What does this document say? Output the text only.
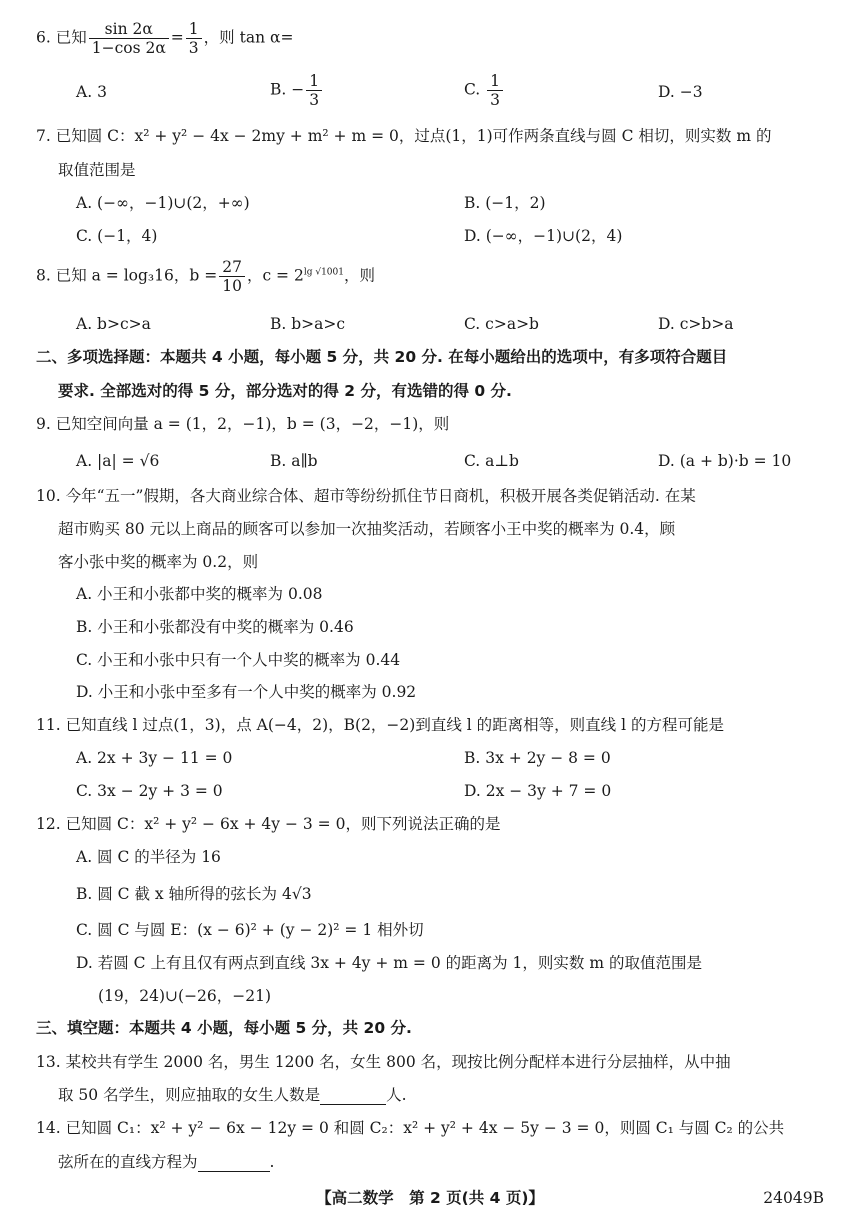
6. 已知 $\frac{\sin 2\alpha}{1-\cos 2\alpha} = \frac{1}{3}$ ，则 tan α=
A. 3	B. − $\frac{1}{3}$	C. $\frac{1}{3}$	D. −3
7. 已知圆 C：x² + y² − 4x − 2my + m² + m = 0，过点(1，1)可作两条直线与圆 C 相切，则实数 m 的
取值范围是
A. (−∞，−1)∪(2，+∞)	B. (−1，2)
C. (−1，4)	D. (−∞，−1)∪(2，4)
8. 已知 a = log₃16，$b = \frac{27}{10}$ ，$c = 2^{lg √1001}$，则
A. b>c>a	B. b>a>c	C. c>a>b	D. c>b>a
二、多项选择题：本题共 4 小题，每小题 5 分，共 20 分. 在每小题给出的选项中，有多项符合题目
要求. 全部选对的得 5 分，部分选对的得 2 分，有选错的得 0 分.
9. 已知空间向量 a = (1，2，−1)，b = (3，−2，−1)，则
A. |a| = √6	B. a∥b	C. a⊥b	D. (a + b)·b = 10
10. 今年“五一”假期，各大商业综合体、超市等纷纷抓住节日商机，积极开展各类促销活动. 在某
超市购买 80 元以上商品的顾客可以参加一次抽奖活动，若顾客小王中奖的概率为 0.4，顾
客小张中奖的概率为 0.2，则
A. 小王和小张都中奖的概率为 0.08
B. 小王和小张都没有中奖的概率为 0.46
C. 小王和小张中只有一个人中奖的概率为 0.44
D. 小王和小张中至多有一个人中奖的概率为 0.92
11. 已知直线 l 过点(1，3)，点 A(−4，2)，B(2，−2)到直线 l 的距离相等，则直线 l 的方程可能是
A. 2x + 3y − 11 = 0	B. 3x + 2y − 8 = 0
C. 3x − 2y + 3 = 0	D. 2x − 3y + 7 = 0
12. 已知圆 C：x² + y² − 6x + 4y − 3 = 0，则下列说法正确的是
A. 圆 C 的半径为 16
B. 圆 C 截 x 轴所得的弦长为 4√3
C. 圆 C 与圆 E：(x − 6)² + (y − 2)² = 1 相外切
D. 若圆 C 上有且仅有两点到直线 3x + 4y + m = 0 的距离为 1，则实数 m 的取值范围是
(19，24)∪(−26，−21)
三、填空题：本题共 4 小题，每小题 5 分，共 20 分.
13. 某校共有学生 2000 名，男生 1200 名，女生 800 名，现按比例分配样本进行分层抽样，从中抽
取 50 名学生，则应抽取的女生人数是	人.
14. 已知圆 C₁：x² + y² − 6x − 12y = 0 和圆 C₂：x² + y² + 4x − 5y − 3 = 0，则圆 C₁ 与圆 C₂ 的公共
弦所在的直线方程为	.
【高二数学　第 2 页(共 4 页)】	24049B
